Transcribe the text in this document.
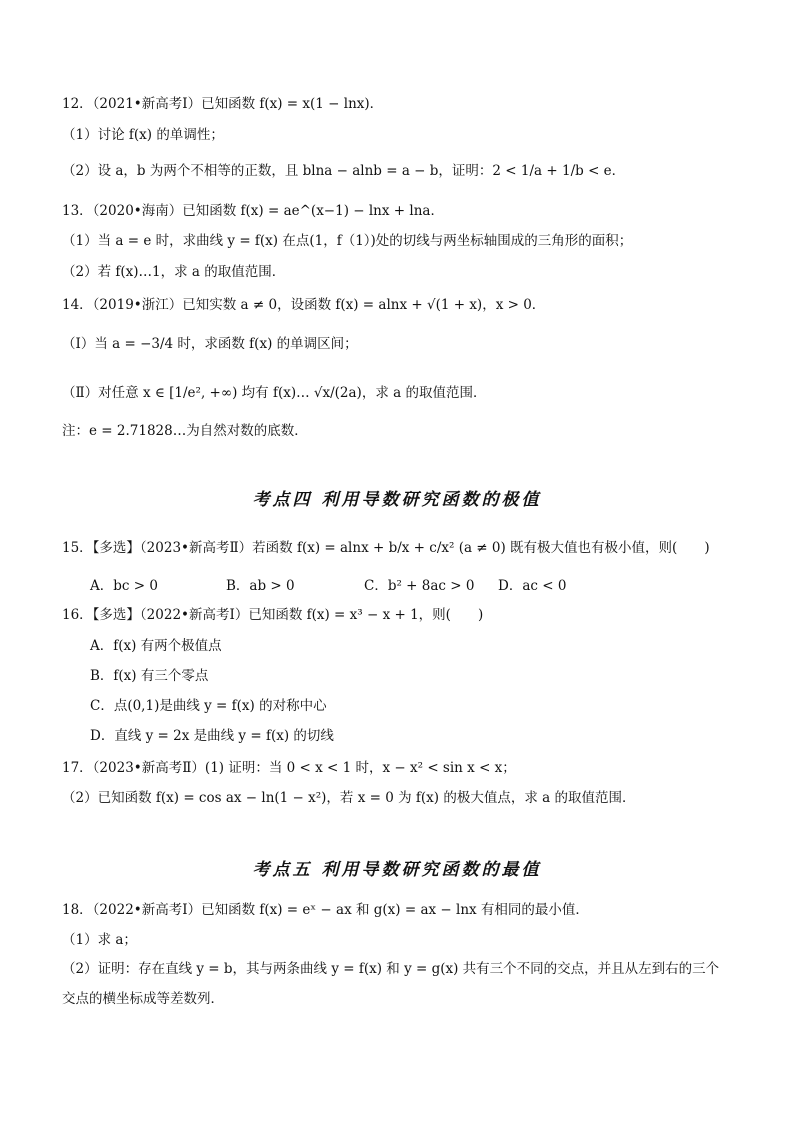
12．（2021•新高考Ⅰ）已知函数 f(x) = x(1 − lnx)．
（1）讨论 f(x) 的单调性；
（2）设 a，b 为两个不相等的正数，且 blna − alnb = a − b，证明：2 < 1/a + 1/b < e．
13．（2020•海南）已知函数 f(x) = ae^(x−1) − lnx + lna．
（1）当 a = e 时，求曲线 y = f(x) 在点(1，f（1）)处的切线与两坐标轴围成的三角形的面积；
（2）若 f(x)…1，求 a 的取值范围．
14．（2019•浙江）已知实数 a ≠ 0，设函数 f(x) = alnx + √(1 + x)，x > 0．
（Ⅰ）当 a = −3/4 时，求函数 f(x) 的单调区间；
（Ⅱ）对任意 x ∈ [1/e², +∞) 均有 f(x)… √x/(2a)，求 a 的取值范围．
注：e = 2.71828…为自然对数的底数．
考点四 利用导数研究函数的极值
15．【多选】（2023•新高考Ⅱ）若函数 f(x) = alnx + b/x + c/x² (a ≠ 0) 既有极大值也有极小值，则(　　)
A．bc > 0	B．ab > 0	C．b² + 8ac > 0 D．ac < 0
16．【多选】（2022•新高考Ⅰ）已知函数 f(x) = x³ − x + 1，则(　　)
A．f(x) 有两个极值点
B．f(x) 有三个零点
C．点(0,1)是曲线 y = f(x) 的对称中心
D．直线 y = 2x 是曲线 y = f(x) 的切线
17．（2023•新高考Ⅱ）(1) 证明：当 0 < x < 1 时，x − x² < sin x < x；
（2）已知函数 f(x) = cos ax − ln(1 − x²)，若 x = 0 为 f(x) 的极大值点，求 a 的取值范围．
考点五 利用导数研究函数的最值
18．（2022•新高考Ⅰ）已知函数 f(x) = eˣ − ax 和 g(x) = ax − lnx 有相同的最小值．
（1）求 a；
（2）证明：存在直线 y = b，其与两条曲线 y = f(x) 和 y = g(x) 共有三个不同的交点，并且从左到右的三个
交点的横坐标成等差数列．
